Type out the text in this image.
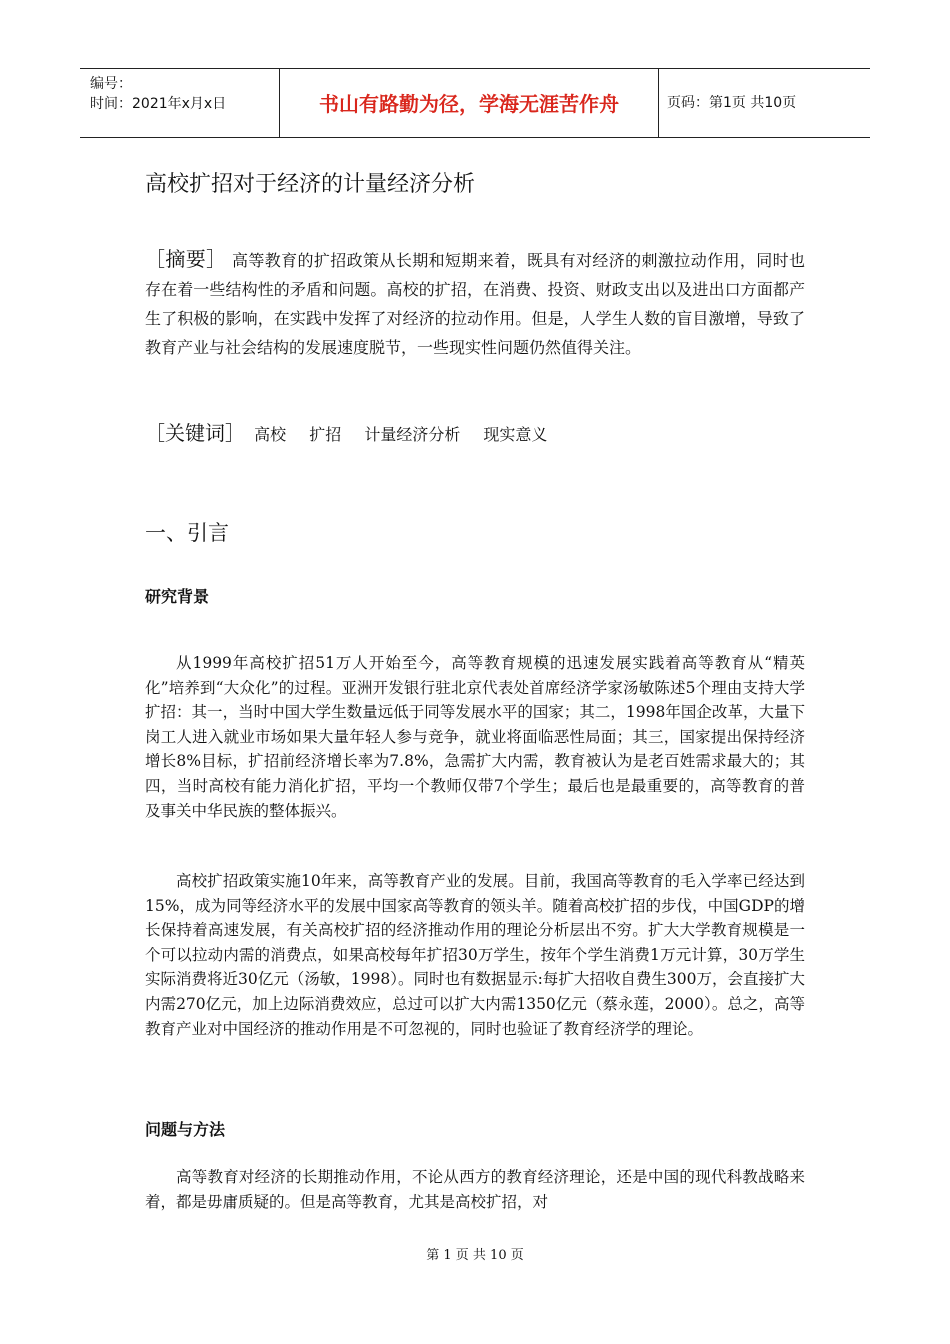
编号：
时间：2021年x月x日	书山有路勤为径，学海无涯苦作舟	页码：第1页 共10页
高校扩招对于经济的计量经济分析

［摘要］ 高等教育的扩招政策从长期和短期来着，既具有对经济的刺激拉动作用，同时也存在着一些结构性的矛盾和问题。高校的扩招，在消费、投资、财政支出以及进出口方面都产生了积极的影响，在实践中发挥了对经济的拉动作用。但是，人学生人数的盲目激增，导致了教育产业与社会结构的发展速度脱节，一些现实性问题仍然值得关注。

［关键词］ 高校 扩招 计量经济分析 现实意义
一、引言
研究背景

从1999年高校扩招51万人开始至今，高等教育规模的迅速发展实践着高等教育从“精英化”培养到“大众化”的过程。亚洲开发银行驻北京代表处首席经济学家汤敏陈述5个理由支持大学扩招：其一，当时中国大学生数量远低于同等发展水平的国家；其二，1998年国企改革，大量下岗工人进入就业市场如果大量年轻人参与竞争，就业将面临恶性局面；其三，国家提出保持经济增长8%目标，扩招前经济增长率为7.8%，急需扩大内需，教育被认为是老百姓需求最大的；其四，当时高校有能力消化扩招，平均一个教师仅带7个学生；最后也是最重要的，高等教育的普及事关中华民族的整体振兴。

高校扩招政策实施10年来，高等教育产业的发展。目前，我国高等教育的毛入学率已经达到15%，成为同等经济水平的发展中国家高等教育的领头羊。随着高校扩招的步伐，中国GDP的增长保持着高速发展，有关高校扩招的经济推动作用的理论分析层出不穷。扩大大学教育规模是一个可以拉动内需的消费点，如果高校每年扩招30万学生，按年个学生消费1万元计算，30万学生实际消费将近30亿元（汤敏，1998）。同时也有数据显示:每扩大招收自费生300万，会直接扩大内需270亿元，加上边际消费效应，总过可以扩大内需1350亿元（蔡永莲，2000）。总之，高等教育产业对中国经济的推动作用是不可忽视的，同时也验证了教育经济学的理论。

问题与方法

高等教育对经济的长期推动作用，不论从西方的教育经济理论，还是中国的现代科教战略来着，都是毋庸质疑的。但是高等教育，尤其是高校扩招，对

第 1 页 共 10 页
